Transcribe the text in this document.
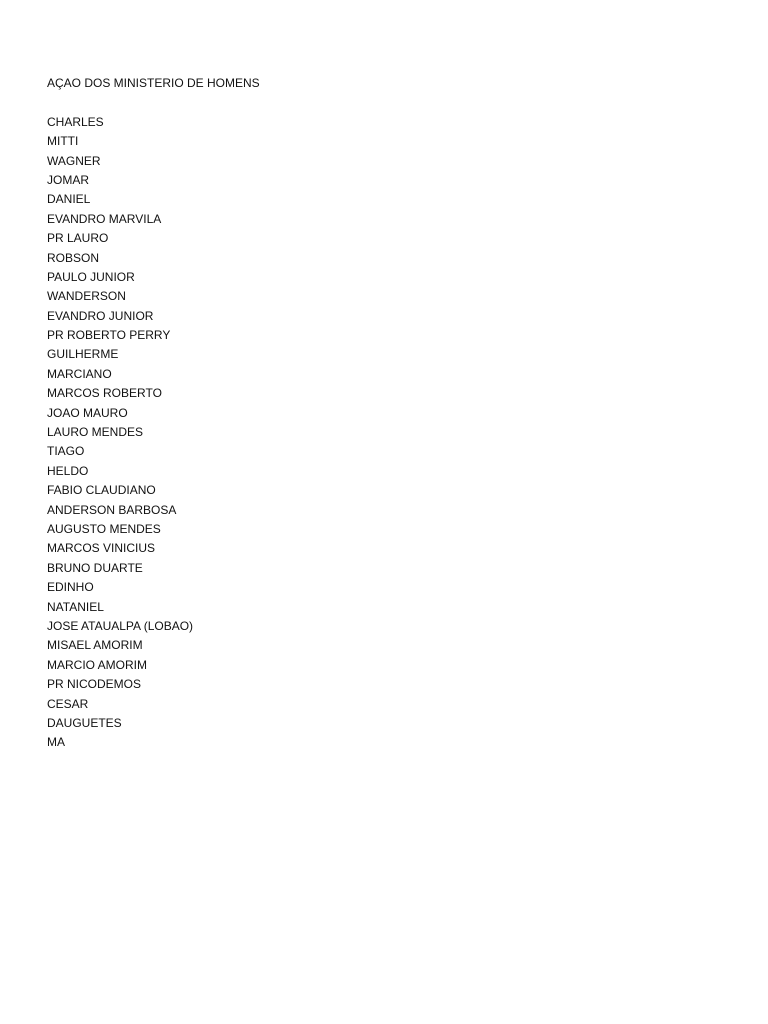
AÇAO DOS MINISTERIO DE HOMENS
CHARLES
MITTI
WAGNER
JOMAR
DANIEL
EVANDRO MARVILA
PR LAURO
ROBSON
PAULO JUNIOR
WANDERSON
EVANDRO JUNIOR
PR ROBERTO PERRY
GUILHERME
MARCIANO
MARCOS ROBERTO
JOAO MAURO
LAURO MENDES
TIAGO
HELDO
FABIO CLAUDIANO
ANDERSON BARBOSA
AUGUSTO MENDES
MARCOS VINICIUS
BRUNO DUARTE
EDINHO
NATANIEL
JOSE ATAUALPA (LOBAO)
MISAEL AMORIM
MARCIO AMORIM
PR NICODEMOS
CESAR
DAUGUETES
MA
